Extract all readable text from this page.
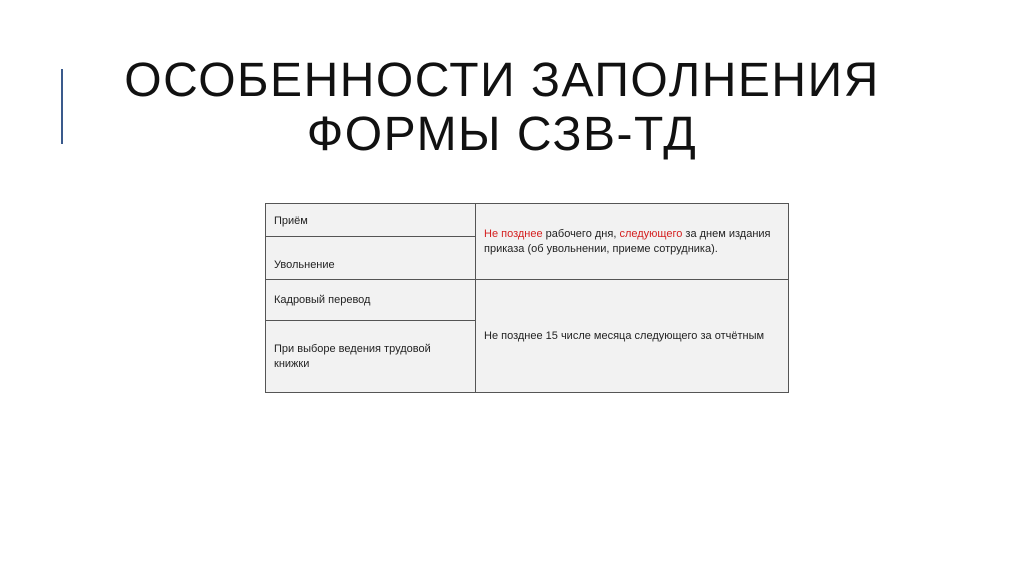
ОСОБЕННОСТИ ЗАПОЛНЕНИЯ
ФОРМЫ СЗВ-ТД
Приём	Не позднее рабочего дня, следующего за днем издания приказа (об увольнении, приеме сотрудника).
Увольнение	
Кадровый перевод	Не позднее 15 числе месяца следующего за отчётным
При выборе ведения трудовой книжки	
